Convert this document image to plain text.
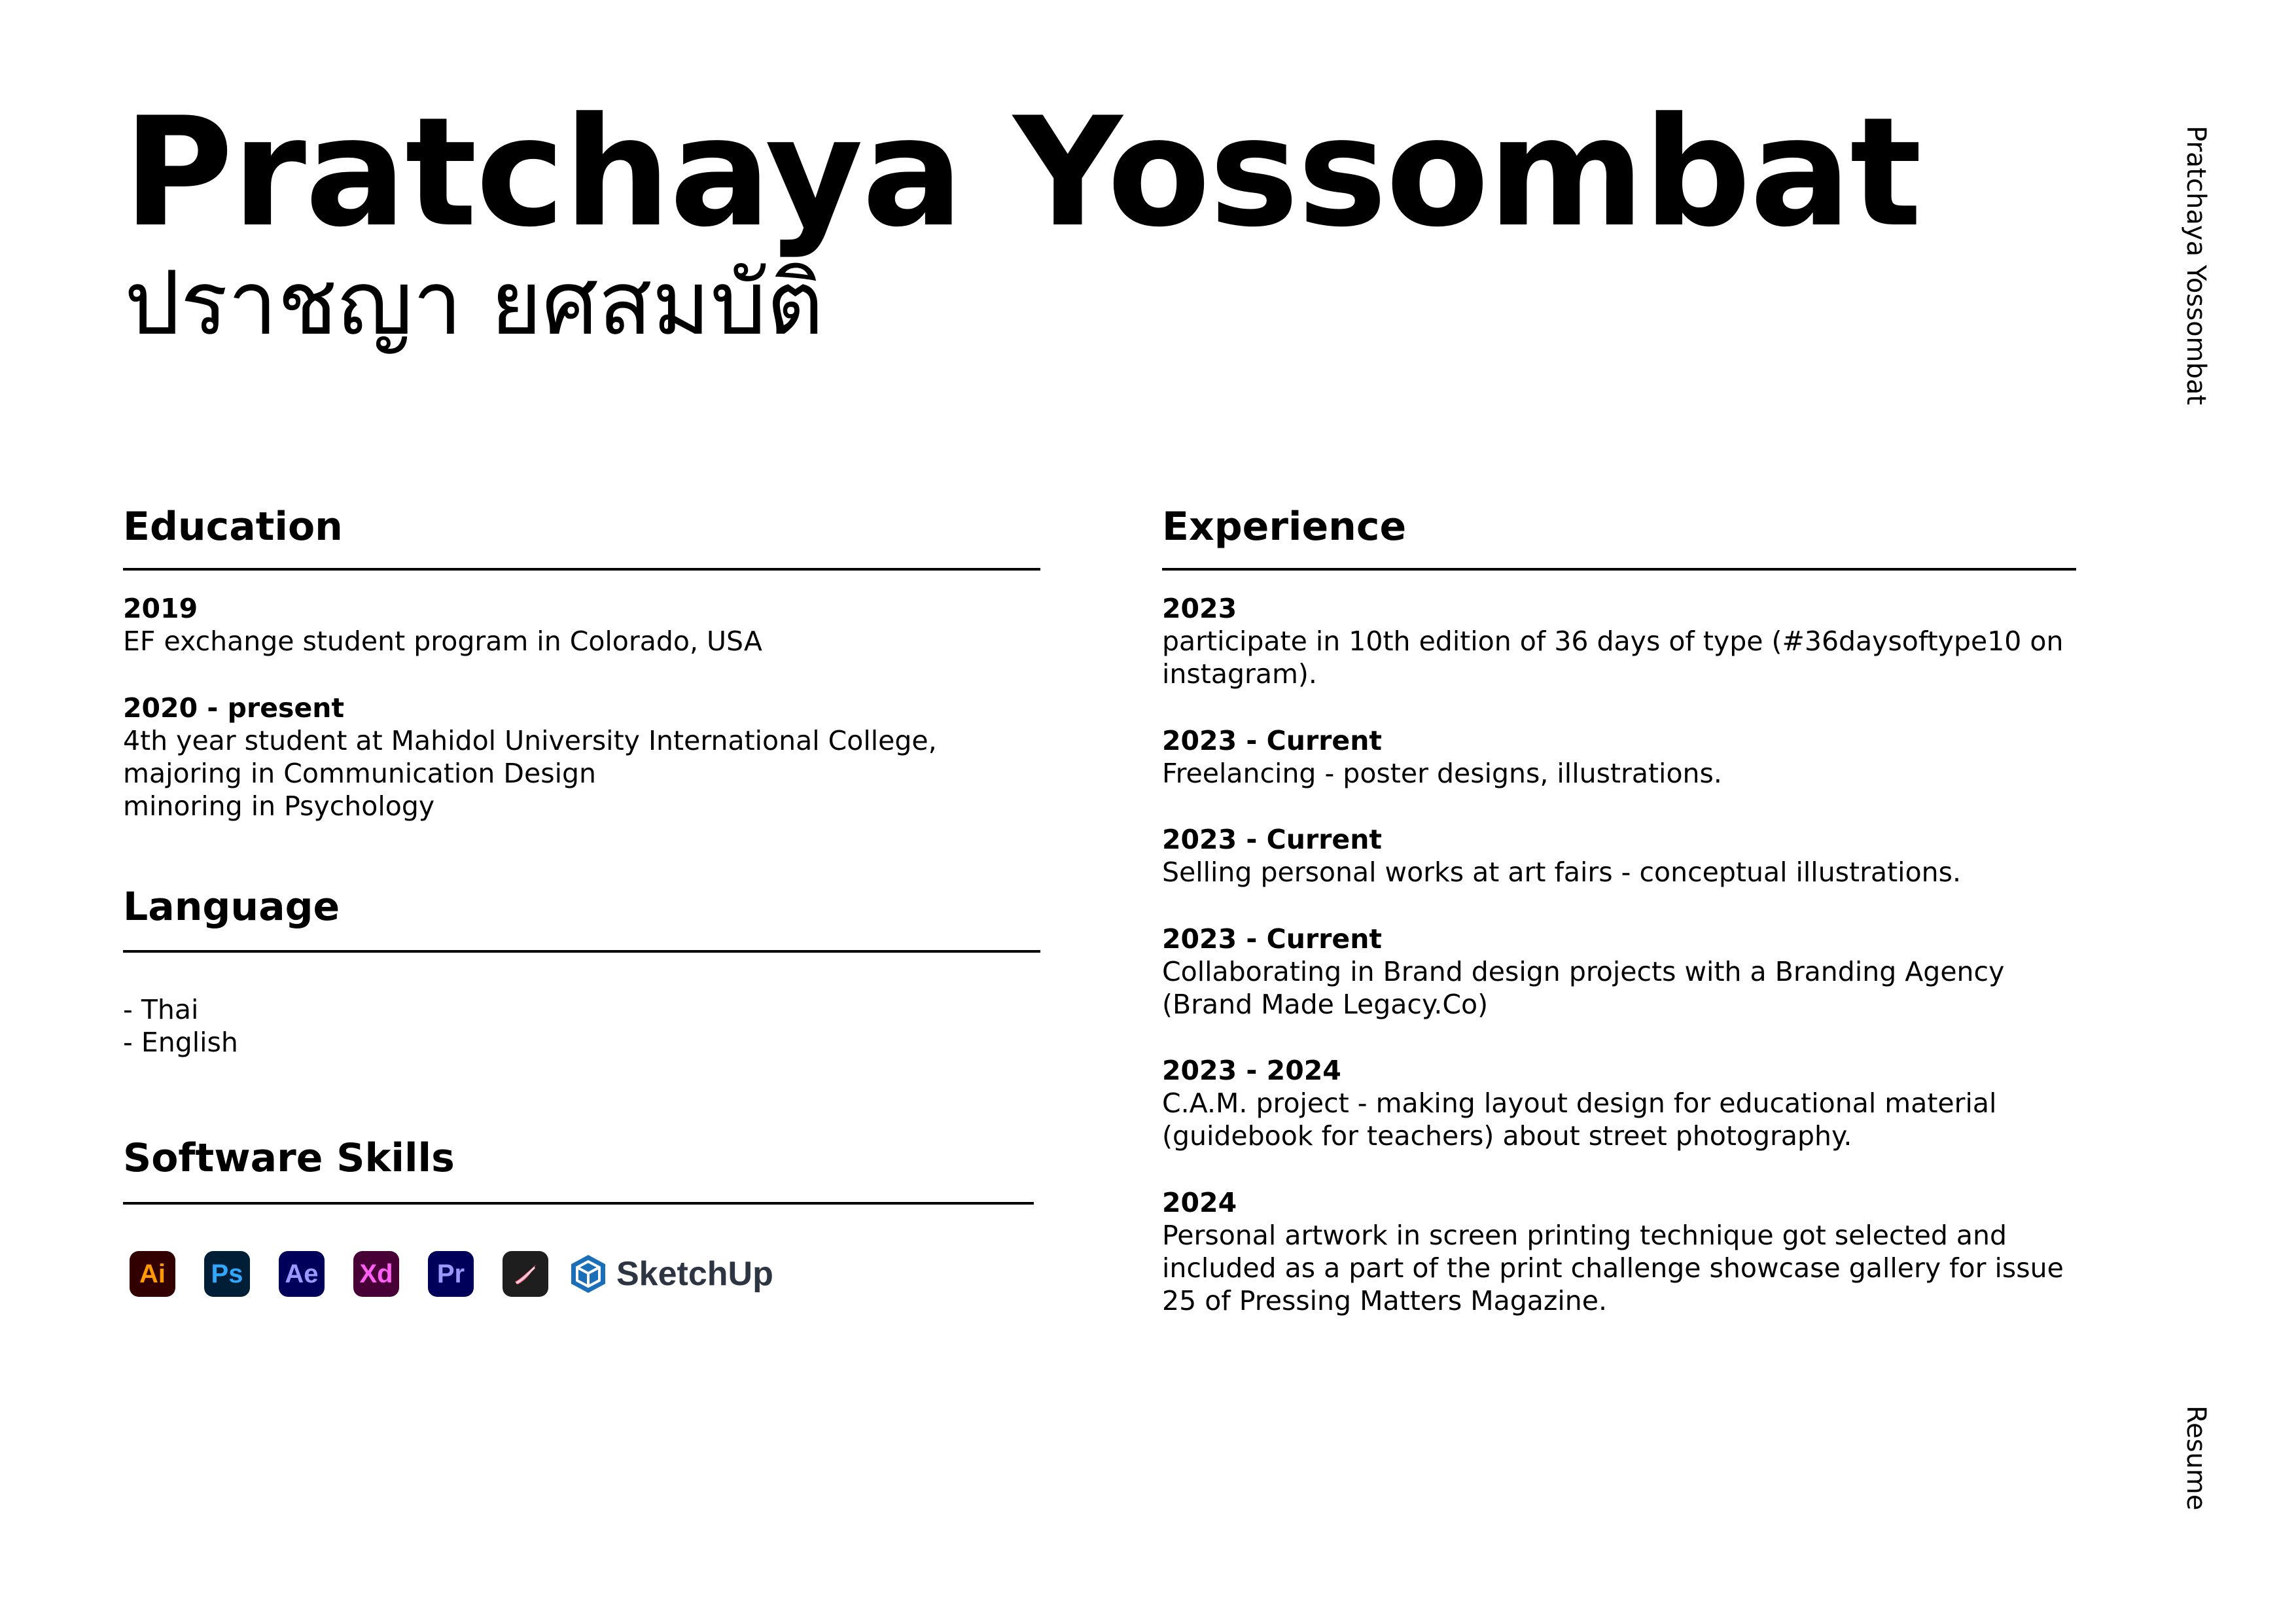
Pratchaya Yossombat
ปราชญา ยศสมบัติ	Pratchaya Yossombat
Resume
Education
2019
EF exchange student program in Colorado, USA
2020 - present
4th year student at Mahidol University International College,
majoring in Communication Design
minoring in Psychology
Language
- Thai
- English
Software Skills
Ai	Ps Ae Xd	Pr	SketchUp
Experience
2023
participate in 10th edition of 36 days of type (#36daysoftype10 on
instagram).
2023 - Current
Freelancing - poster designs, illustrations.
2023 - Current
Selling personal works at art fairs - conceptual illustrations.
2023 - Current
Collaborating in Brand design projects with a Branding Agency
(Brand Made Legacy.Co)
2023 - 2024
C.A.M. project - making layout design for educational material
(guidebook for teachers) about street photography.
2024
Personal artwork in screen printing technique got selected and
included as a part of the print challenge showcase gallery for issue
25 of Pressing Matters Magazine.
